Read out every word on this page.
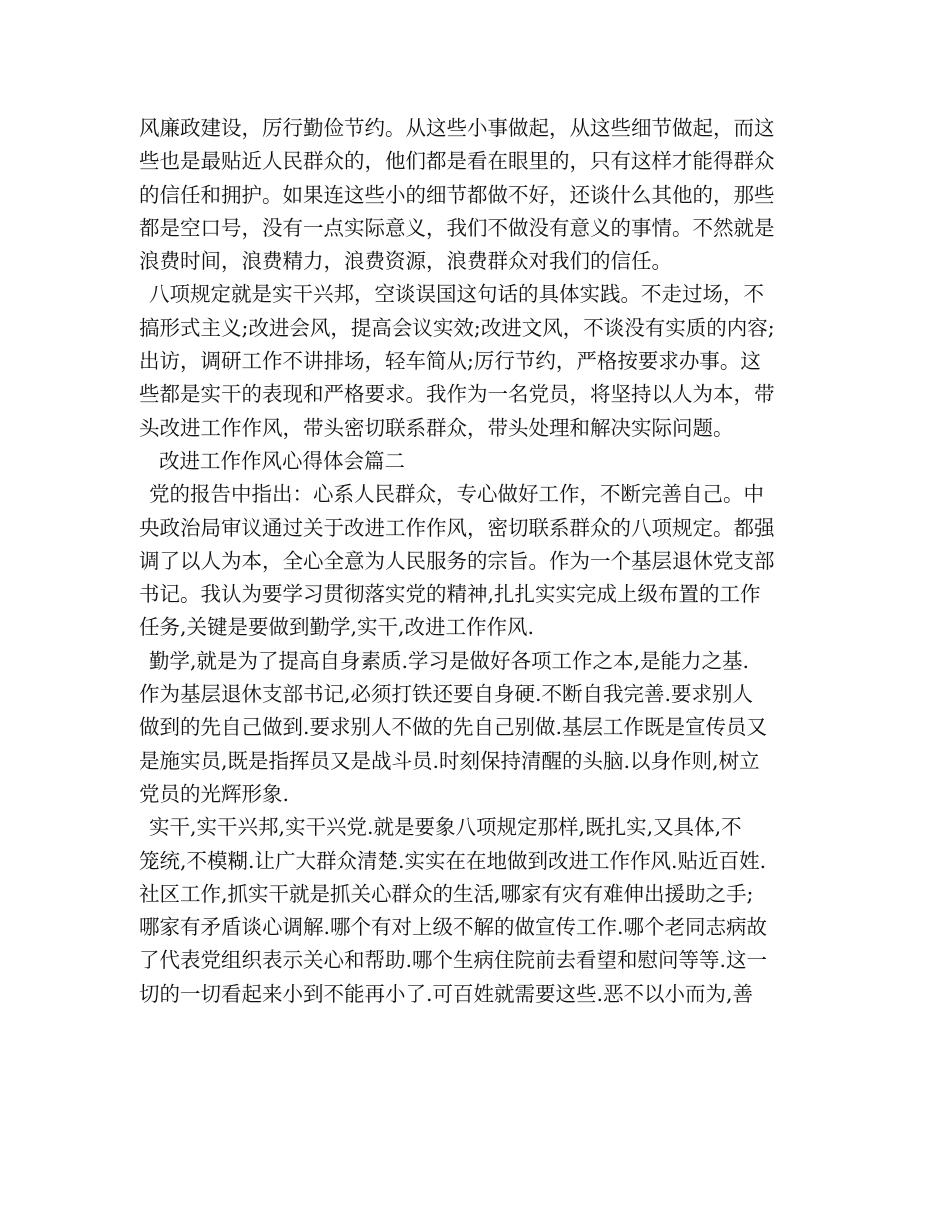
风廉政建设，厉行勤俭节约。从这些小事做起，从这些细节做起，而这
些也是最贴近人民群众的，他们都是看在眼里的，只有这样才能得群众
的信任和拥护。如果连这些小的细节都做不好，还谈什么其他的，那些
都是空口号，没有一点实际意义，我们不做没有意义的事情。不然就是
浪费时间，浪费精力，浪费资源，浪费群众对我们的信任。
八项规定就是实干兴邦，空谈误国这句话的具体实践。不走过场，不
搞形式主义;改进会风，提高会议实效;改进文风，不谈没有实质的内容;
出访，调研工作不讲排场，轻车简从;厉行节约，严格按要求办事。这
些都是实干的表现和严格要求。我作为一名党员，将坚持以人为本，带
头改进工作作风，带头密切联系群众，带头处理和解决实际问题。
改进工作作风心得体会篇二
党的报告中指出：心系人民群众，专心做好工作，不断完善自己。中
央政治局审议通过关于改进工作作风，密切联系群众的八项规定。都强
调了以人为本，全心全意为人民服务的宗旨。作为一个基层退休党支部
书记。我认为要学习贯彻落实党的精神,扎扎实实完成上级布置的工作
任务,关键是要做到勤学,实干,改进工作作风.
勤学,就是为了提高自身素质.学习是做好各项工作之本,是能力之基.
作为基层退休支部书记,必须打铁还要自身硬.不断自我完善.要求别人
做到的先自己做到.要求别人不做的先自己别做.基层工作既是宣传员又
是施实员,既是指挥员又是战斗员.时刻保持清醒的头脑.以身作则,树立
党员的光辉形象.
实干,实干兴邦,实干兴党.就是要象八项规定那样,既扎实,又具体,不
笼统,不模糊.让广大群众清楚.实实在在地做到改进工作作风.贴近百姓.
社区工作,抓实干就是抓关心群众的生活,哪家有灾有难伸出援助之手;
哪家有矛盾谈心调解.哪个有对上级不解的做宣传工作.哪个老同志病故
了代表党组织表示关心和帮助.哪个生病住院前去看望和慰问等等.这一
切的一切看起来小到不能再小了.可百姓就需要这些.恶不以小而为,善
